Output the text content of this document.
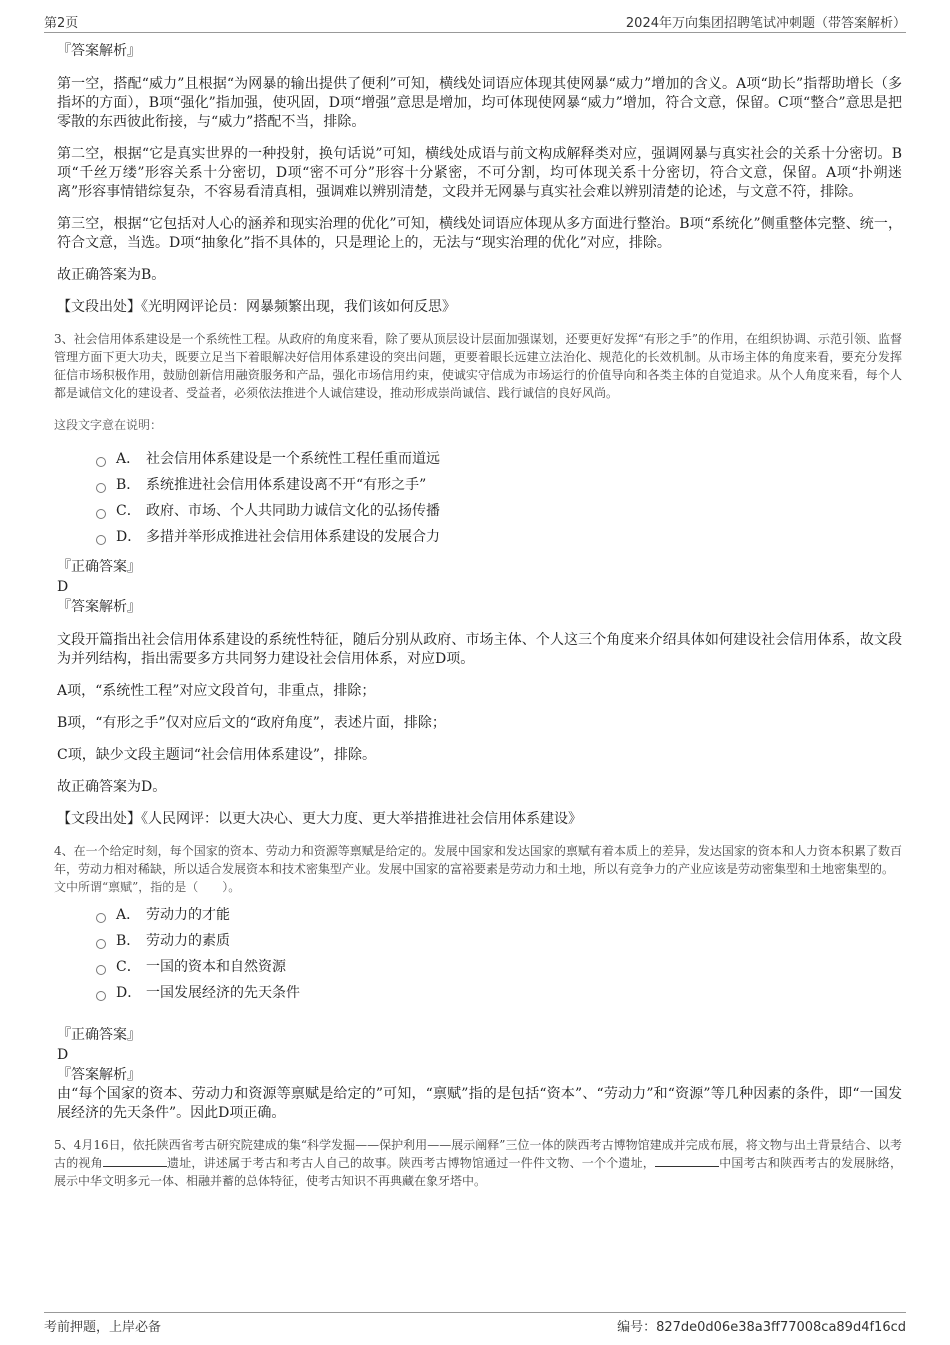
第2页	2024年万向集团招聘笔试冲刺题（带答案解析）
『答案解析』
第一空，搭配“威力”且根据“为网暴的输出提供了便利”可知，横线处词语应体现其使网暴“威力”增加的含义。A项“助长”指帮助增长（多指坏的方面），B项“强化”指加强，使巩固，D项“增强”意思是增加，均可体现使网暴“威力”增加，符合文意，保留。C项“整合”意思是把零散的东西彼此衔接，与“威力”搭配不当，排除。
第二空，根据“它是真实世界的一种投射，换句话说”可知，横线处成语与前文构成解释类对应，强调网暴与真实社会的关系十分密切。B项“千丝万缕”形容关系十分密切，D项“密不可分”形容十分紧密，不可分割，均可体现关系十分密切，符合文意，保留。A项“扑朔迷离”形容事情错综复杂，不容易看清真相，强调难以辨别清楚，文段并无网暴与真实社会难以辨别清楚的论述，与文意不符，排除。
第三空，根据“它包括对人心的涵养和现实治理的优化”可知，横线处词语应体现从多方面进行整治。B项“系统化”侧重整体完整、统一，符合文意，当选。D项“抽象化”指不具体的，只是理论上的，无法与“现实治理的优化”对应，排除。
故正确答案为B。
【文段出处】《光明网评论员：网暴频繁出现，我们该如何反思》
3、社会信用体系建设是一个系统性工程。从政府的角度来看，除了要从顶层设计层面加强谋划，还要更好发挥“有形之手”的作用，在组织协调、示范引领、监督管理方面下更大功夫，既要立足当下着眼解决好信用体系建设的突出问题，更要着眼长远建立法治化、规范化的长效机制。从市场主体的角度来看，要充分发挥征信市场积极作用，鼓励创新信用融资服务和产品，强化市场信用约束，使诚实守信成为市场运行的价值导向和各类主体的自觉追求。从个人角度来看，每个人都是诚信文化的建设者、受益者，必须依法推进个人诚信建设，推动形成崇尚诚信、践行诚信的良好风尚。
这段文字意在说明：
A． 社会信用体系建设是一个系统性工程任重而道远
B． 系统推进社会信用体系建设离不开“有形之手”
C． 政府、市场、个人共同助力诚信文化的弘扬传播
D． 多措并举形成推进社会信用体系建设的发展合力
『正确答案』
D
『答案解析』
文段开篇指出社会信用体系建设的系统性特征，随后分别从政府、市场主体、个人这三个角度来介绍具体如何建设社会信用体系，故文段为并列结构，指出需要多方共同努力建设社会信用体系，对应D项。
A项，“系统性工程”对应文段首句，非重点，排除；
B项，“有形之手”仅对应后文的“政府角度”，表述片面，排除；
C项，缺少文段主题词“社会信用体系建设”，排除。
故正确答案为D。
【文段出处】《人民网评：以更大决心、更大力度、更大举措推进社会信用体系建设》
4、在一个给定时刻，每个国家的资本、劳动力和资源等禀赋是给定的。发展中国家和发达国家的禀赋有着本质上的差异，发达国家的资本和人力资本积累了数百年，劳动力相对稀缺，所以适合发展资本和技术密集型产业。发展中国家的富裕要素是劳动力和土地，所以有竞争力的产业应该是劳动密集型和土地密集型的。
文中所谓“禀赋”，指的是（　　）。
A． 劳动力的才能
B． 劳动力的素质
C． 一国的资本和自然资源
D． 一国发展经济的先天条件
『正确答案』
D
『答案解析』
由“每个国家的资本、劳动力和资源等禀赋是给定的”可知，“禀赋”指的是包括“资本”、“劳动力”和“资源”等几种因素的条件，即“一国发展经济的先天条件”。因此D项正确。
5、4月16日，依托陕西省考古研究院建成的集“科学发掘——保护利用——展示阐释”三位一体的陕西考古博物馆建成并完成布展，将文物与出土背景结合、以考古的视角	遗址，讲述属于考古和考古人自己的故事。陕西考古博物馆通过一件件文物、一个个遗址，	中国考古和陕西考古的发展脉络，展示中华文明多元一体、相融并蓄的总体特征，使考古知识不再典藏在象牙塔中。
考前押题，上岸必备	编号：827de0d06e38a3ff77008ca89d4f16cd
